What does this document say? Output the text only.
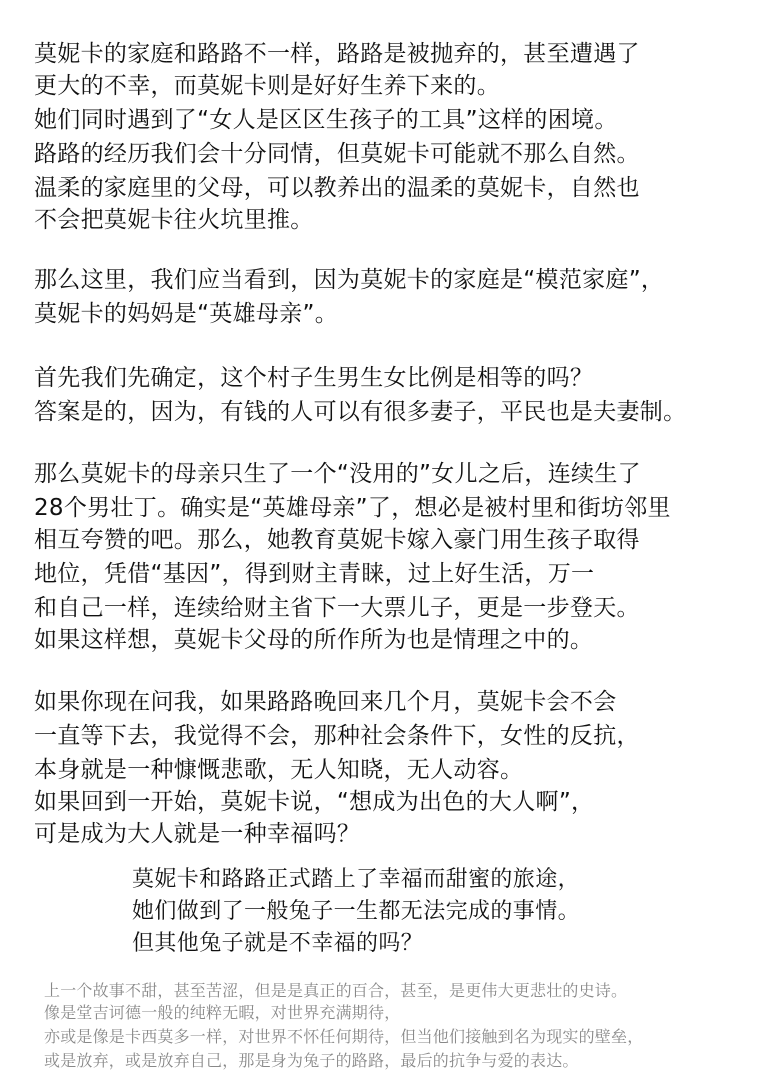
莫妮卡的家庭和路路不一样，路路是被抛弃的，甚至遭遇了
更大的不幸，而莫妮卡则是好好生养下来的。
她们同时遇到了“女人是区区生孩子的工具”这样的困境。
路路的经历我们会十分同情，但莫妮卡可能就不那么自然。
温柔的家庭里的父母，可以教养出的温柔的莫妮卡，自然也
不会把莫妮卡往火坑里推。
那么这里，我们应当看到，因为莫妮卡的家庭是“模范家庭”，
莫妮卡的妈妈是“英雄母亲”。
首先我们先确定，这个村子生男生女比例是相等的吗？
答案是的，因为，有钱的人可以有很多妻子，平民也是夫妻制。
那么莫妮卡的母亲只生了一个“没用的”女儿之后，连续生了
28个男壮丁。确实是“英雄母亲”了，想必是被村里和街坊邻里
相互夸赞的吧。那么，她教育莫妮卡嫁入豪门用生孩子取得
地位，凭借“基因”，得到财主青睐，过上好生活，万一
和自己一样，连续给财主省下一大票儿子，更是一步登天。
如果这样想，莫妮卡父母的所作所为也是情理之中的。
如果你现在问我，如果路路晚回来几个月，莫妮卡会不会
一直等下去，我觉得不会，那种社会条件下，女性的反抗，
本身就是一种慷慨悲歌，无人知晓，无人动容。
如果回到一开始，莫妮卡说，“想成为出色的大人啊”，
可是成为大人就是一种幸福吗？
莫妮卡和路路正式踏上了幸福而甜蜜的旅途，
她们做到了一般兔子一生都无法完成的事情。
但其他兔子就是不幸福的吗？
上一个故事不甜，甚至苦涩，但是是真正的百合，甚至，是更伟大更悲壮的史诗。
像是堂吉诃德一般的纯粹无暇，对世界充满期待，
亦或是像是卡西莫多一样，对世界不怀任何期待，但当他们接触到名为现实的壁垒，
或是放弃，或是放弃自己，那是身为兔子的路路，最后的抗争与爱的表达。
